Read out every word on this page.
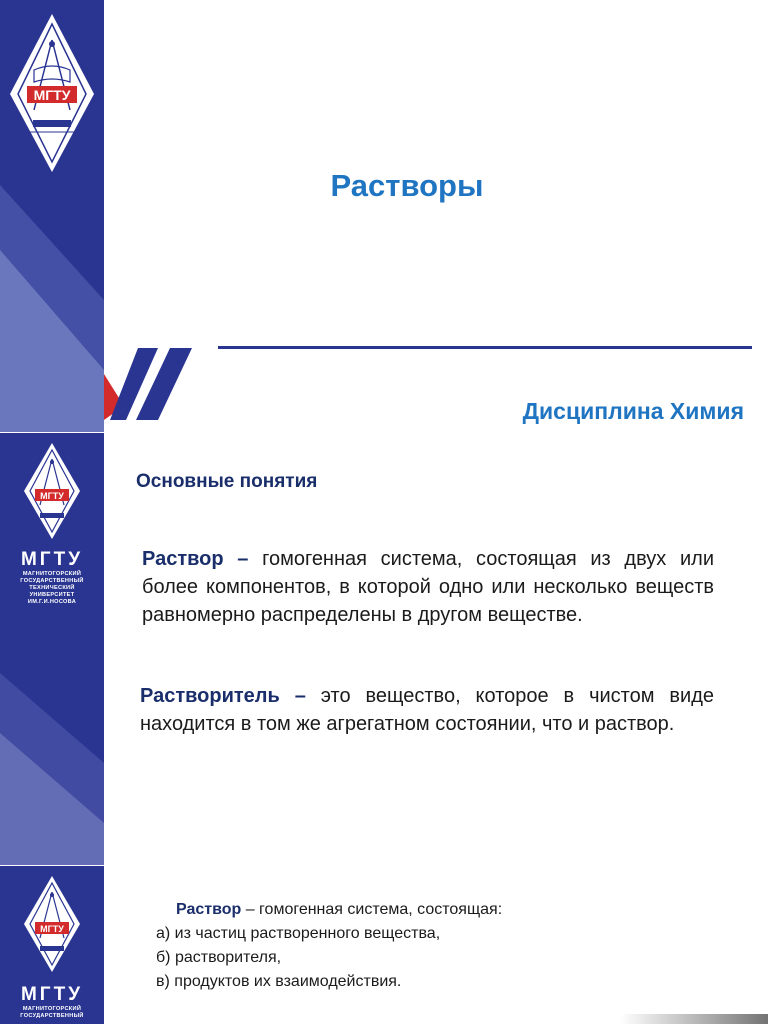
МГТУ
Растворы
Дисциплина Химия
МГТУ
МГТУ
МАГНИТОГОРСКИЙ
ГОСУДАРСТВЕННЫЙ
ТЕХНИЧЕСКИЙ
УНИВЕРСИТЕТ
ИМ.Г.И.НОСОВА
Основные понятия
Раствор – гомогенная система, состоящая из двух или более компонентов, в которой одно или несколько веществ равномерно распределены в другом веществе.
Растворитель – это вещество, которое в чистом виде находится в том же агрегатном состоянии, что и раствор.
МГТУ
МГТУ
МАГНИТОГОРСКИЙ
ГОСУДАРСТВЕННЫЙ
Раствор – гомогенная система, состоящая:
а) из частиц растворенного вещества,
б) растворителя,
в) продуктов их взаимодействия.
